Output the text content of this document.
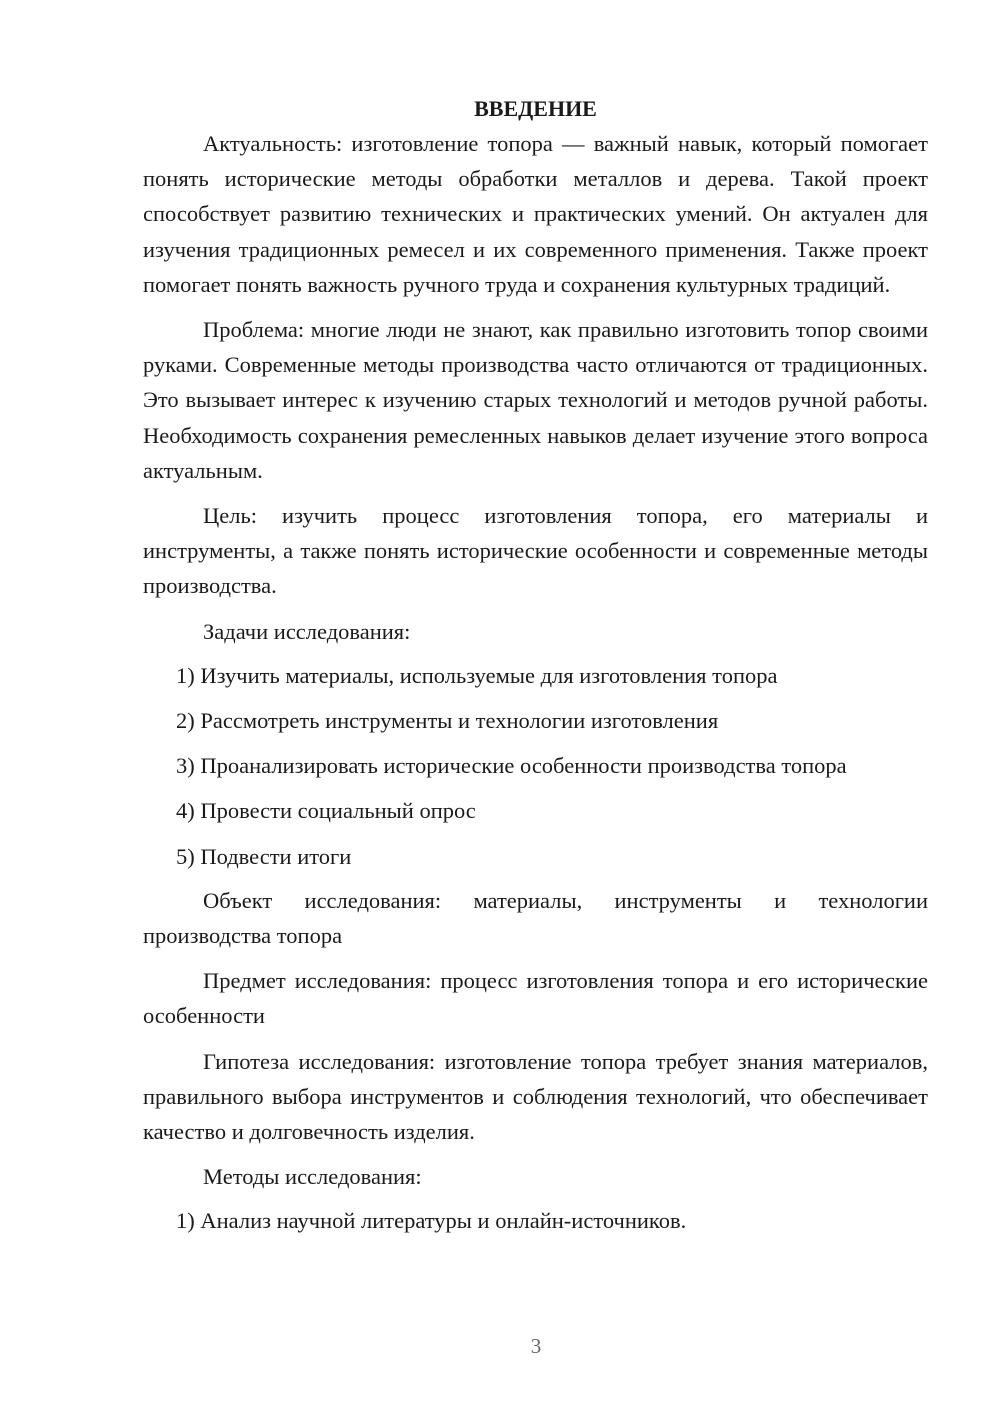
ВВЕДЕНИЕ

Актуальность: изготовление топора — важный навык, который помогает понять исторические методы обработки металлов и дерева. Такой проект способствует развитию технических и практических умений. Он актуален для изучения традиционных ремесел и их современного применения. Также проект помогает понять важность ручного труда и сохранения культурных традиций.

Проблема: многие люди не знают, как правильно изготовить топор своими руками. Современные методы производства часто отличаются от традиционных. Это вызывает интерес к изучению старых технологий и методов ручной работы. Необходимость сохранения ремесленных навыков делает изучение этого вопроса актуальным.

Цель: изучить процесс изготовления топора, его материалы и инструменты, а также понять исторические особенности и современные методы производства.

Задачи исследования:

1) Изучить материалы, используемые для изготовления топора
2) Рассмотреть инструменты и технологии изготовления
3) Проанализировать исторические особенности производства топора
4) Провести социальный опрос
5) Подвести итоги

Объект исследования: материалы, инструменты и технологии производства топора

Предмет исследования: процесс изготовления топора и его исторические особенности

Гипотеза исследования: изготовление топора требует знания материалов, правильного выбора инструментов и соблюдения технологий, что обеспечивает качество и долговечность изделия.

Методы исследования:

1) Анализ научной литературы и онлайн-источников.
3
